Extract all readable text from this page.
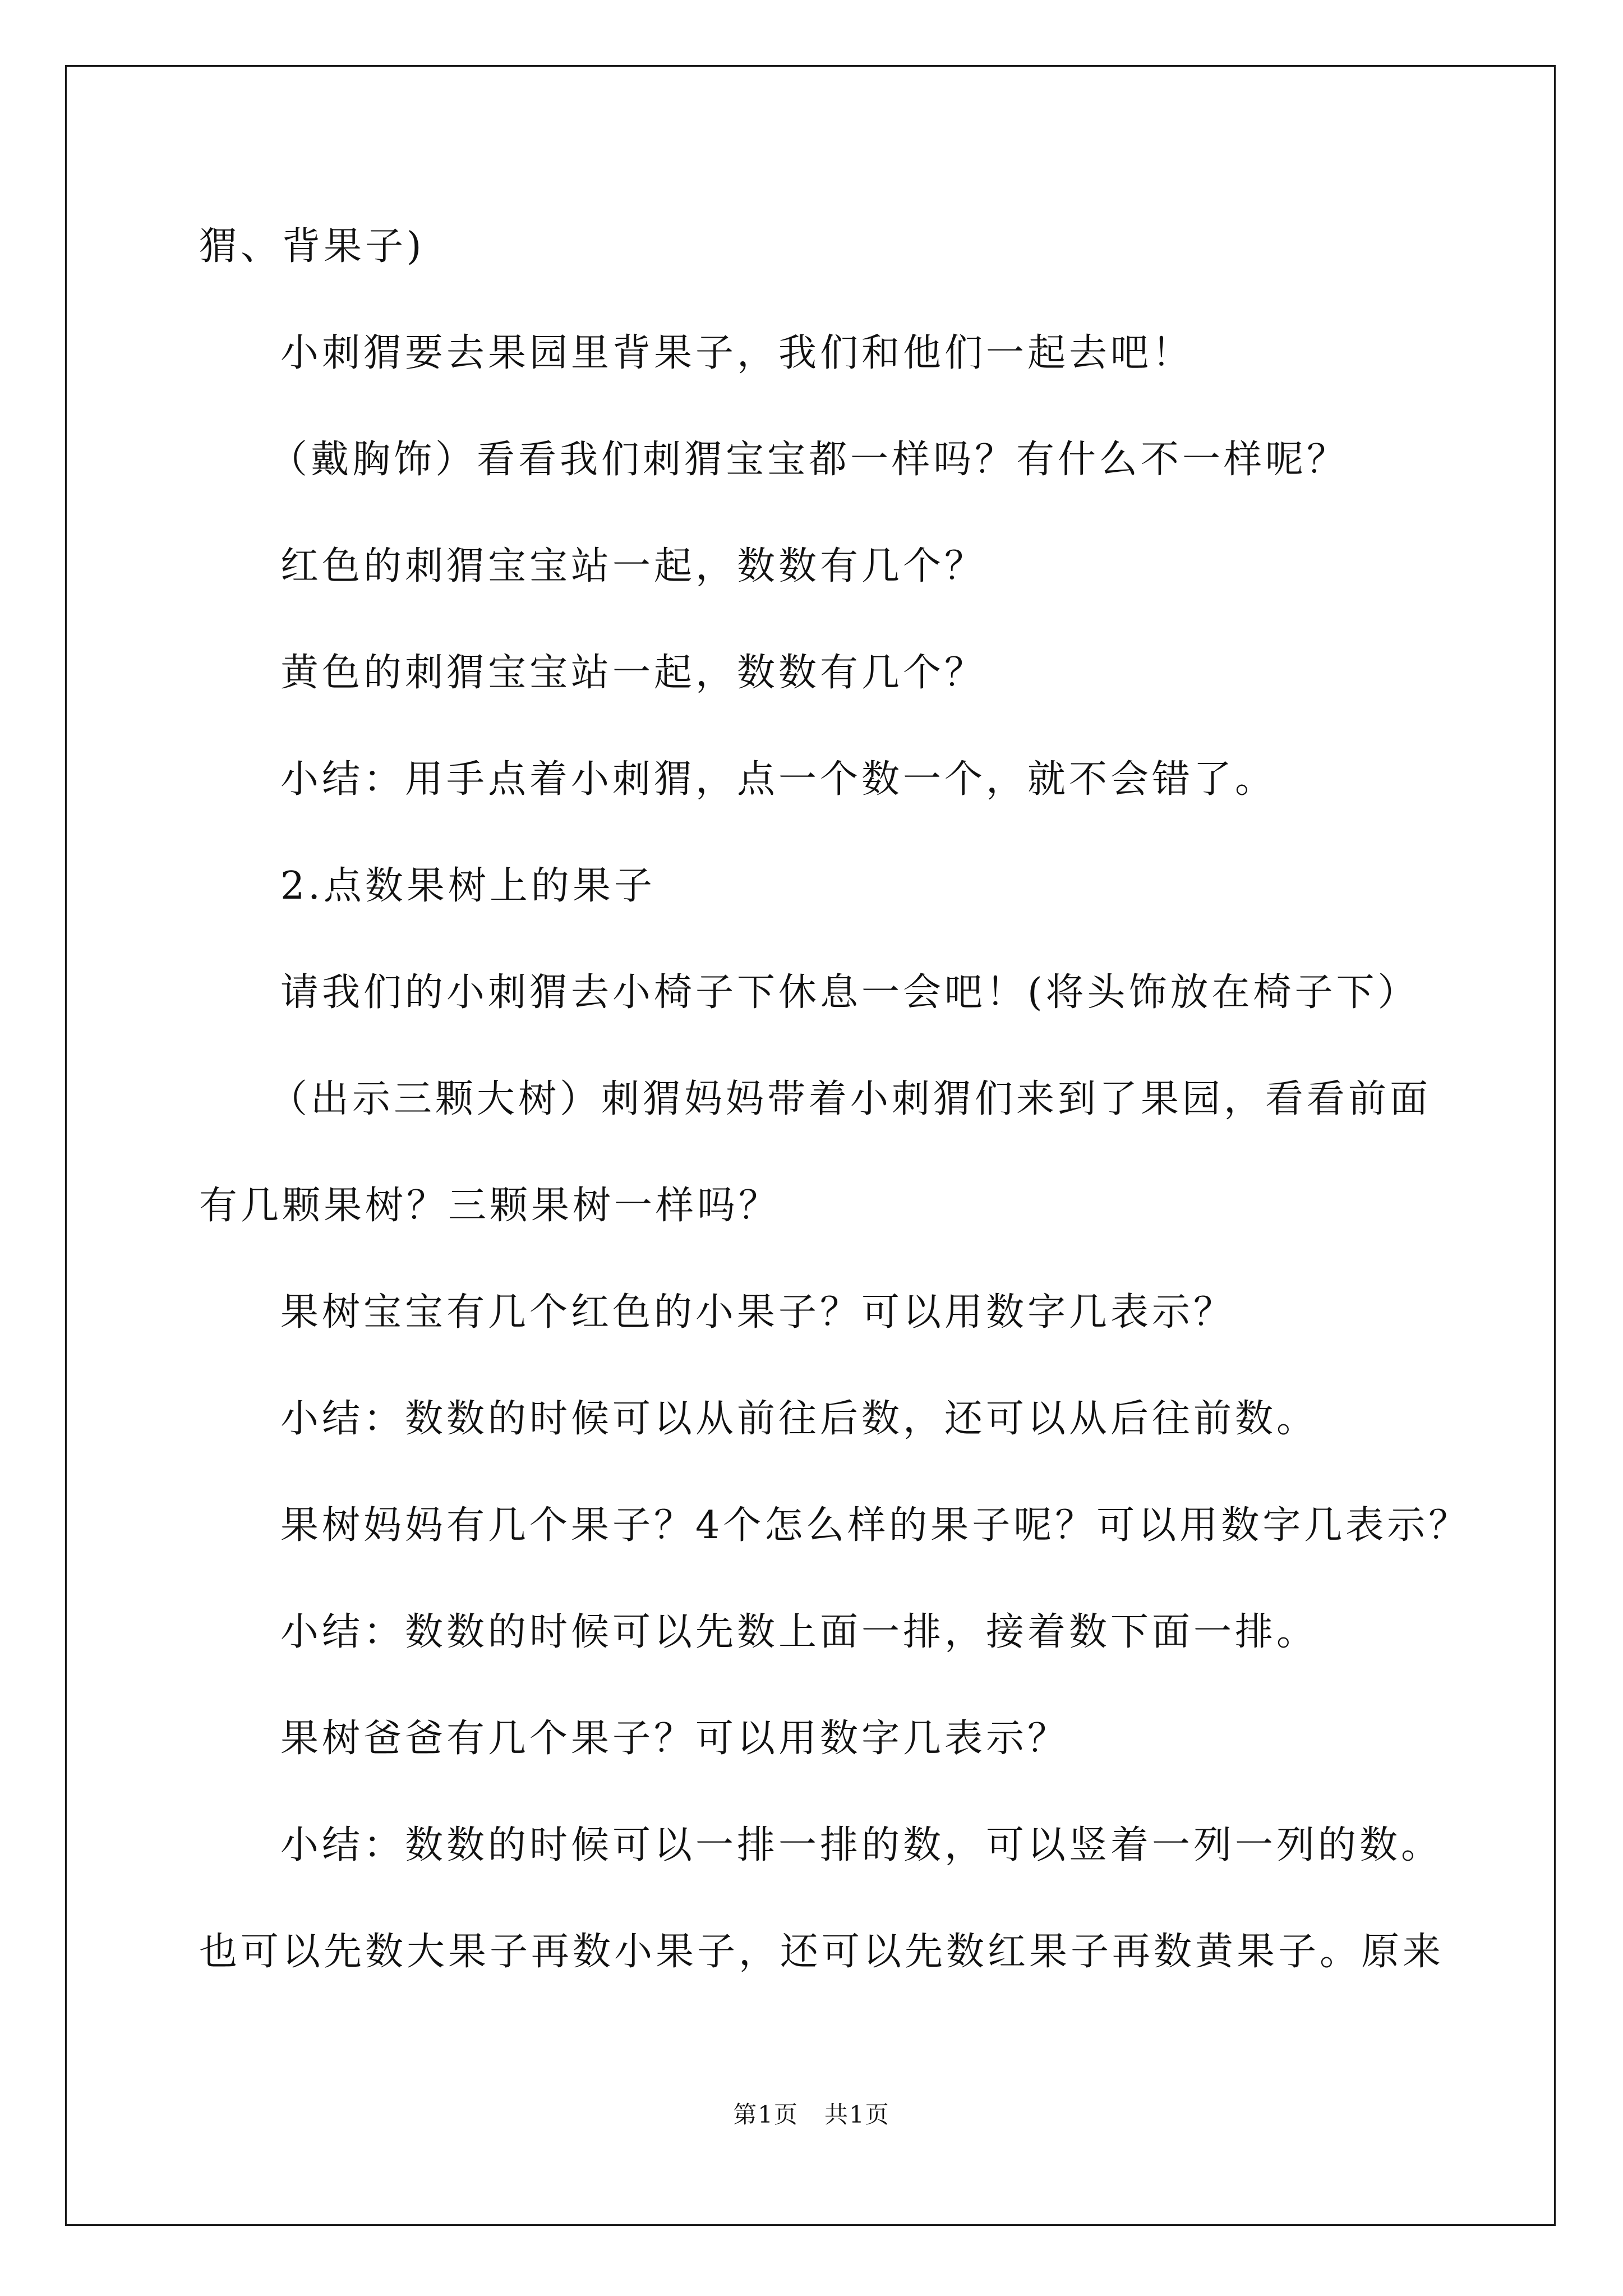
猬、背果子)
小刺猬要去果园里背果子，我们和他们一起去吧！
（戴胸饰）看看我们刺猬宝宝都一样吗？有什么不一样呢？
红色的刺猬宝宝站一起，数数有几个？
黄色的刺猬宝宝站一起，数数有几个？
小结：用手点着小刺猬，点一个数一个，就不会错了。
2.点数果树上的果子
请我们的小刺猬去小椅子下休息一会吧！(将头饰放在椅子下）
（出示三颗大树）刺猬妈妈带着小刺猬们来到了果园，看看前面
有几颗果树？三颗果树一样吗？
果树宝宝有几个红色的小果子？可以用数字几表示？
小结：数数的时候可以从前往后数，还可以从后往前数。
果树妈妈有几个果子？4个怎么样的果子呢？可以用数字几表示？
小结：数数的时候可以先数上面一排，接着数下面一排。
果树爸爸有几个果子？可以用数字几表示？
小结：数数的时候可以一排一排的数，可以竖着一列一列的数。
也可以先数大果子再数小果子，还可以先数红果子再数黄果子。原来
第1页 共1页
